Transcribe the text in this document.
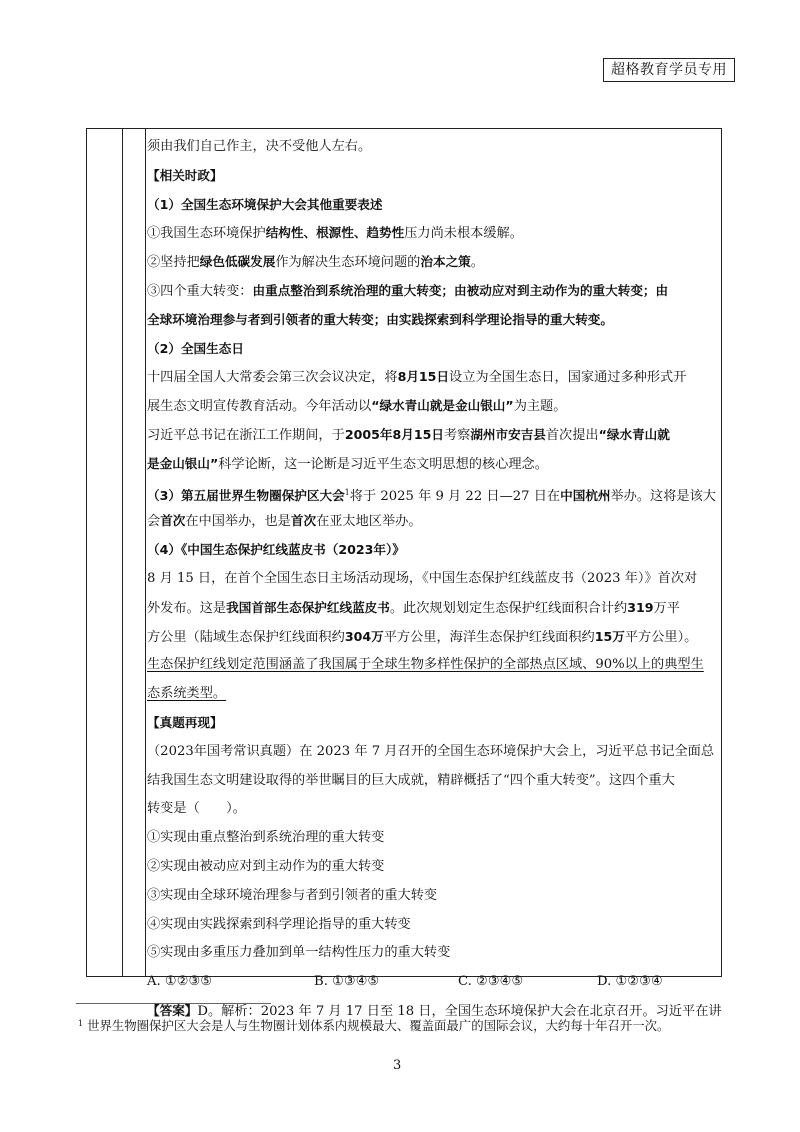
超格教育学员专用
须由我们自己作主，决不受他人左右。
【相关时政】
（1）全国生态环境保护大会其他重要表述
①我国生态环境保护结构性、根源性、趋势性压力尚未根本缓解。
②坚持把绿色低碳发展作为解决生态环境问题的治本之策。
③四个重大转变：由重点整治到系统治理的重大转变；由被动应对到主动作为的重大转变；由
全球环境治理参与者到引领者的重大转变；由实践探索到科学理论指导的重大转变。
（2）全国生态日
十四届全国人大常委会第三次会议决定，将8月15日设立为全国生态日，国家通过多种形式开
展生态文明宣传教育活动。今年活动以“绿水青山就是金山银山”为主题。
习近平总书记在浙江工作期间，于2005年8月15日考察湖州市安吉县首次提出“绿水青山就
是金山银山”科学论断，这一论断是习近平生态文明思想的核心理念。
（3）第五届世界生物圈保护区大会$^1$将于 2025 年 9 月 22 日—27 日在中国杭州举办。这将是该大
会首次在中国举办，也是首次在亚太地区举办。
（4）《中国生态保护红线蓝皮书（2023年）》
8 月 15 日，在首个全国生态日主场活动现场，《中国生态保护红线蓝皮书（2023 年）》首次对
外发布。这是我国首部生态保护红线蓝皮书。此次规划划定生态保护红线面积合计约319万平
方公里（陆域生态保护红线面积约304万平方公里，海洋生态保护红线面积约15万平方公里）。
生态保护红线划定范围涵盖了我国属于全球生物多样性保护的全部热点区域、90%以上的典型生
态系统类型。
【真题再现】
（2023年国考常识真题）在 2023 年 7 月召开的全国生态环境保护大会上，习近平总书记全面总
结我国生态文明建设取得的举世瞩目的巨大成就，精辟概括了“四个重大转变”。这四个重大
转变是（　　）。
①实现由重点整治到系统治理的重大转变
②实现由被动应对到主动作为的重大转变
③实现由全球环境治理参与者到引领者的重大转变
④实现由实践探索到科学理论指导的重大转变
⑤实现由多重压力叠加到单一结构性压力的重大转变
A. ①②③⑤	B. ①③④⑤	C. ②③④⑤	D. ①②③④
【答案】D。解析：2023 年 7 月 17 日至 18 日，全国生态环境保护大会在北京召开。习近平在讲
$^1$ 世界生物圈保护区大会是人与生物圈计划体系内规模最大、覆盖面最广的国际会议，大约每十年召开一次。
3
